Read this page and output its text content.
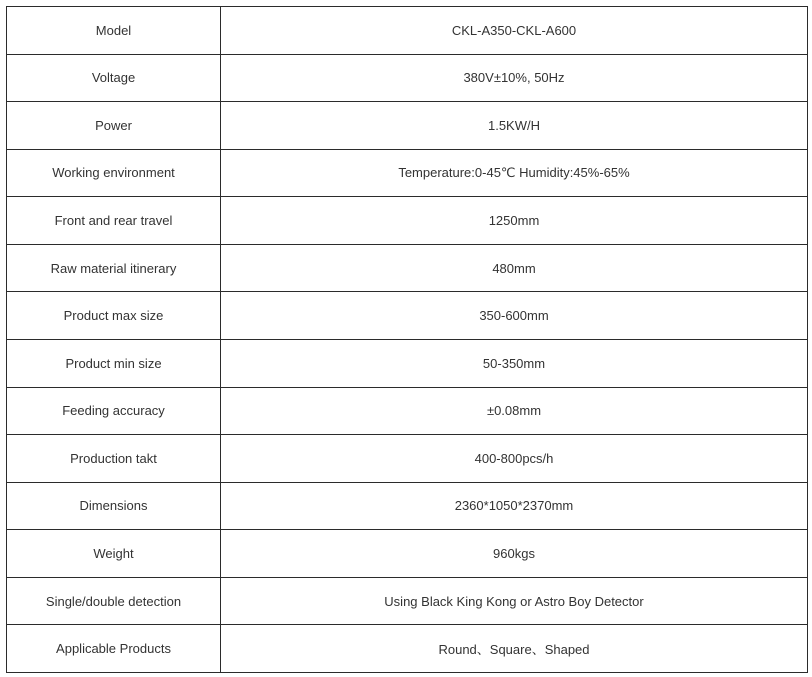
Model	CKL-A350-CKL-A600
Voltage	380V±10%, 50Hz
Power	1.5KW/H
Working environment	Temperature:0-45℃ Humidity:45%-65%
Front and rear travel	1250mm
Raw material itinerary	480mm
Product max size	350-600mm
Product min size	50-350mm
Feeding accuracy	±0.08mm
Production takt	400-800pcs/h
Dimensions	2360*1050*2370mm
Weight	960kgs
Single/double detection	Using Black King Kong or Astro Boy Detector
Applicable Products	Round、Square、Shaped
